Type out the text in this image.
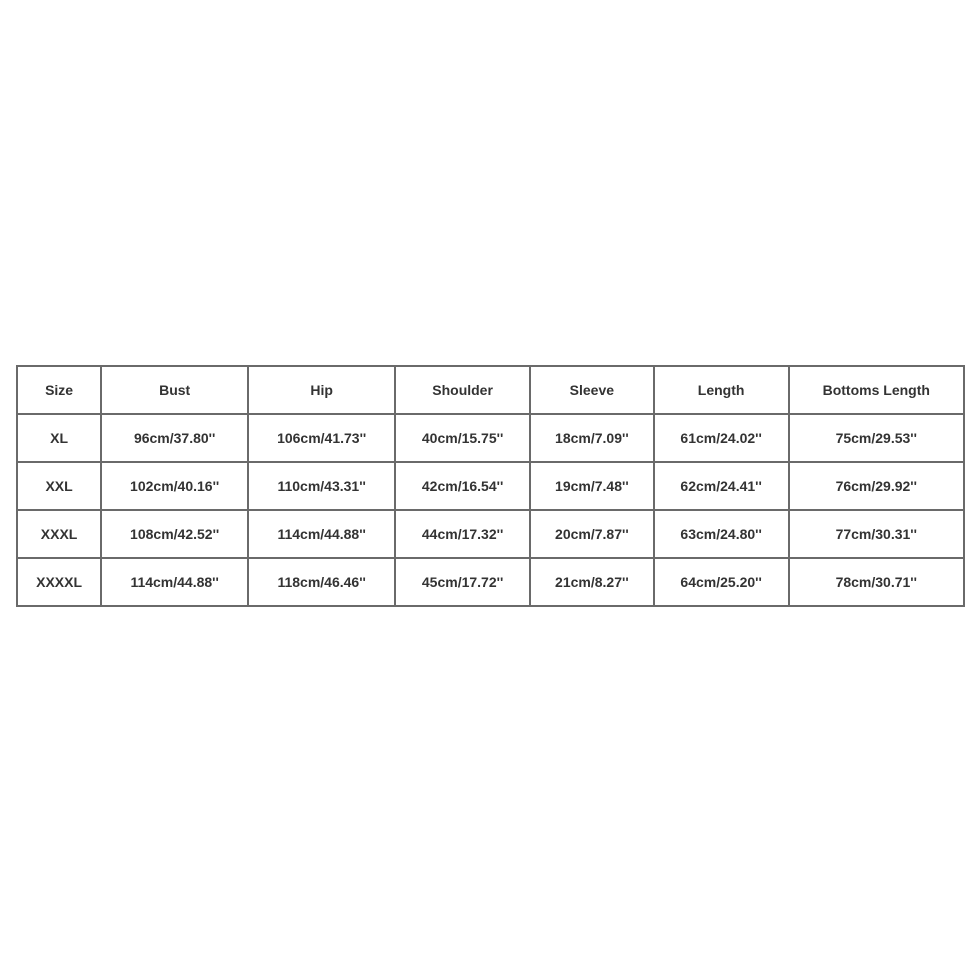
Size	Bust	Hip	Shoulder	Sleeve	Length	Bottoms Length
XL	96cm/37.80''	106cm/41.73''	40cm/15.75''	18cm/7.09''	61cm/24.02''	75cm/29.53''
XXL	102cm/40.16''	110cm/43.31''	42cm/16.54''	19cm/7.48''	62cm/24.41''	76cm/29.92''
XXXL	108cm/42.52''	114cm/44.88''	44cm/17.32''	20cm/7.87''	63cm/24.80''	77cm/30.31''
XXXXL	114cm/44.88''	118cm/46.46''	45cm/17.72''	21cm/8.27''	64cm/25.20''	78cm/30.71''
